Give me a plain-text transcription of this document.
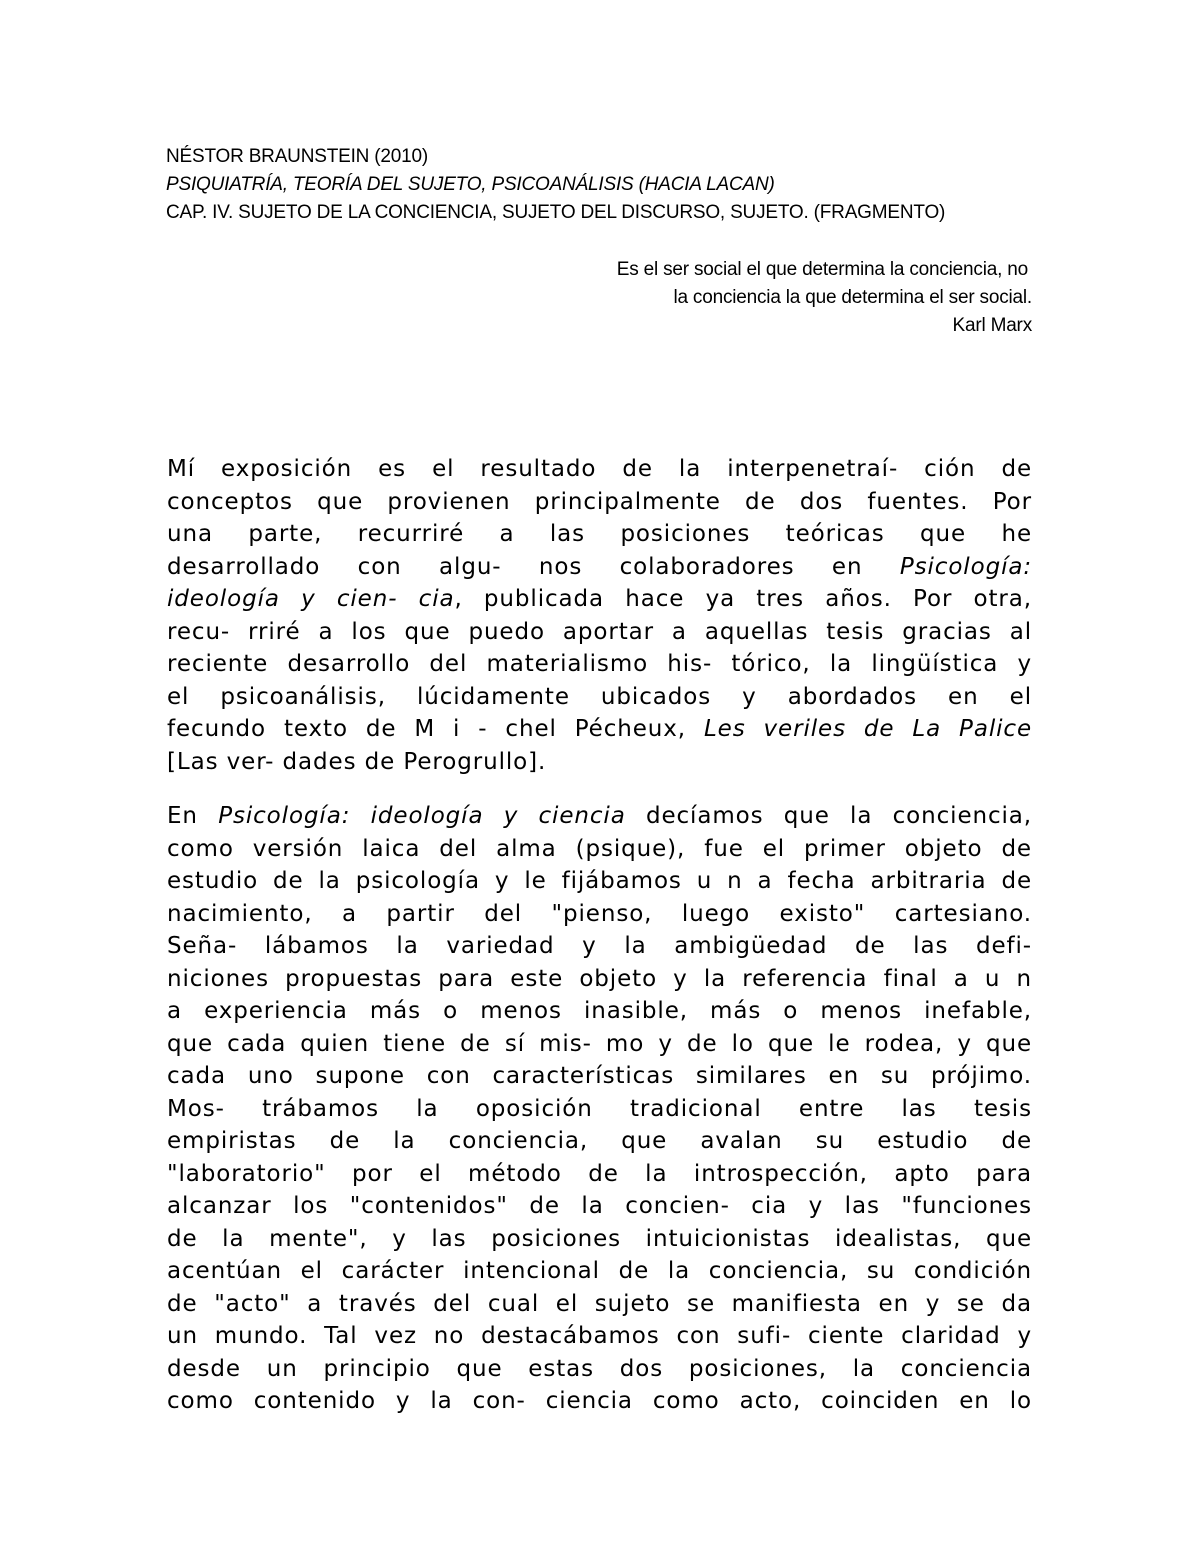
NÉSTOR BRAUNSTEIN (2010)
PSIQUIATRÍA, TEORÍA DEL SUJETO, PSICOANÁLISIS (HACIA LACAN)
CAP. IV. SUJETO DE LA CONCIENCIA, SUJETO DEL DISCURSO, SUJETO. (FRAGMENTO)
Es el ser social el que determina la conciencia, no
la conciencia la que determina el ser social.
Karl Marx
Mí exposición es el resultado de la interpenetraí- ción de
conceptos que provienen principalmente de dos fuentes. Por
una parte, recurriré a las posiciones teóricas que he
desarrollado con algu- nos colaboradores en Psicología:
ideología y cien- cia, publicada hace ya tres años. Por otra,
recu- rriré a los que puedo aportar a aquellas tesis gracias al
reciente desarrollo del materialismo his- tórico, la lingüística y
el psicoanálisis, lúcidamente ubicados y abordados en el
fecundo texto de M i - chel Pécheux, Les veriles de La Palice
[Las ver- dades de Perogrullo].
En Psicología: ideología y ciencia decíamos que la conciencia,
como versión laica del alma (psique), fue el primer objeto de
estudio de la psicología y le fijábamos u n a fecha arbitraria de
nacimiento, a partir del "pienso, luego existo" cartesiano.
Seña- lábamos la variedad y la ambigüedad de las defi-
niciones propuestas para este objeto y la referencia final a u n
a experiencia más o menos inasible, más o menos inefable,
que cada quien tiene de sí mis- mo y de lo que le rodea, y que
cada uno supone con características similares en su prójimo.
Mos- trábamos la oposición tradicional entre las tesis
empiristas de la conciencia, que avalan su estudio de
"laboratorio" por el método de la introspección, apto para
alcanzar los "contenidos" de la concien- cia y las "funciones
de la mente", y las posiciones intuicionistas idealistas, que
acentúan el carácter intencional de la conciencia, su condición
de "acto" a través del cual el sujeto se manifiesta en y se da
un mundo. Tal vez no destacábamos con sufi- ciente claridad y
desde un principio que estas dos posiciones, la conciencia
como contenido y la con- ciencia como acto, coinciden en lo
